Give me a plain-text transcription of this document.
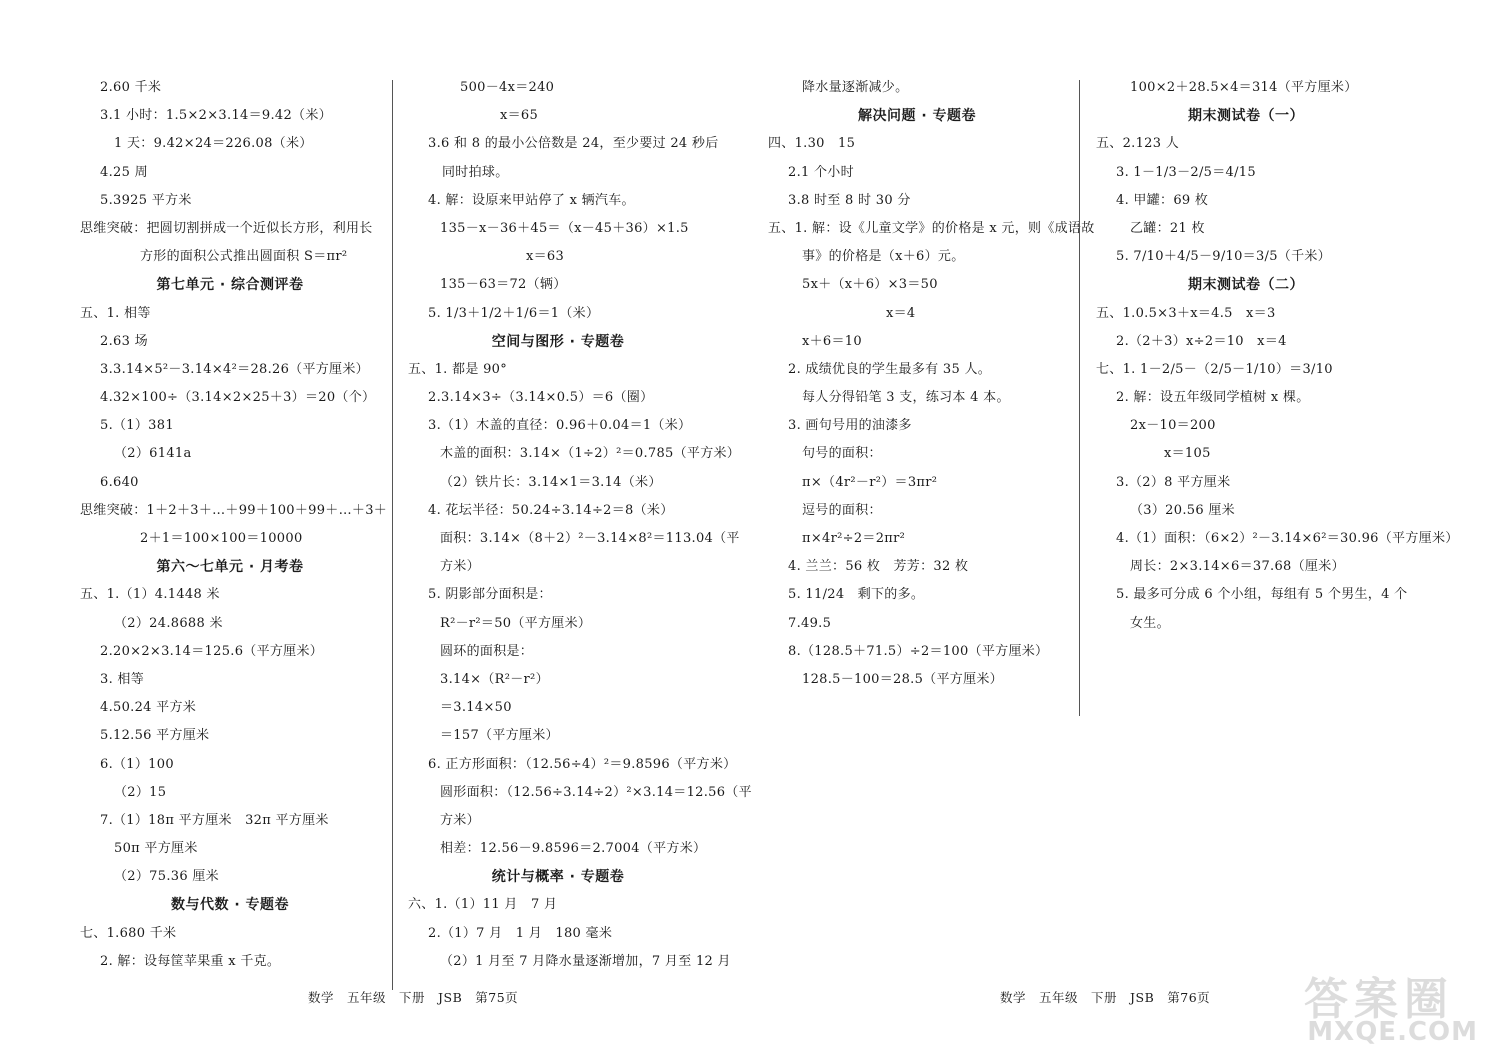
2.60 千米
3.1 小时：1.5×2×3.14＝9.42（米）
1 天：9.42×24＝226.08（米）
4.25 周
5.3925 平方米
思维突破：把圆切割拼成一个近似长方形，利用长
方形的面积公式推出圆面积 S＝πr²
第七单元 · 综合测评卷
五、1. 相等
2.63 场
3.3.14×5²－3.14×4²＝28.26（平方厘米）
4.32×100÷（3.14×2×25＋3）＝20（个）
5.（1）381
（2）6141a
6.640
思维突破：1＋2＋3＋…＋99＋100＋99＋…＋3＋
2＋1＝100×100＝10000
第六～七单元 · 月考卷
五、1.（1）4.1448 米
（2）24.8688 米
2.20×2×3.14＝125.6（平方厘米）
3. 相等
4.50.24 平方米
5.12.56 平方厘米
6.（1）100
（2）15
7.（1）18π 平方厘米　32π 平方厘米
50π 平方厘米
（2）75.36 厘米
数与代数 · 专题卷
七、1.680 千米
2. 解：设每筐苹果重 x 千克。
500－4x＝240
x＝65
3.6 和 8 的最小公倍数是 24，至少要过 24 秒后
同时拍球。
4. 解：设原来甲站停了 x 辆汽车。
135－x－36＋45＝（x－45＋36）×1.5
x＝63
135－63＝72（辆）
5. 1/3＋1/2＋1/6＝1（米）
空间与图形 · 专题卷
五、1. 都是 90°
2.3.14×3÷（3.14×0.5）＝6（圈）
3.（1）木盖的直径：0.96＋0.04＝1（米）
木盖的面积：3.14×（1÷2）²＝0.785（平方米）
（2）铁片长：3.14×1＝3.14（米）
4. 花坛半径：50.24÷3.14÷2＝8（米）
面积：3.14×（8＋2）²－3.14×8²＝113.04（平
方米）
5. 阴影部分面积是：
R²－r²＝50（平方厘米）
圆环的面积是：
3.14×（R²－r²）
＝3.14×50
＝157（平方厘米）
6. 正方形面积：（12.56÷4）²＝9.8596（平方米）
圆形面积：（12.56÷3.14÷2）²×3.14＝12.56（平
方米）
相差：12.56－9.8596＝2.7004（平方米）
统计与概率 · 专题卷
六、1.（1）11 月　7 月
2.（1）7 月　1 月　180 毫米
（2）1 月至 7 月降水量逐渐增加，7 月至 12 月
降水量逐渐减少。
解决问题 · 专题卷
四、1.30　15
2.1 个小时
3.8 时至 8 时 30 分
五、1. 解：设《儿童文学》的价格是 x 元，则《成语故
事》的价格是（x＋6）元。
5x＋（x＋6）×3＝50
x＝4
x＋6＝10
2. 成绩优良的学生最多有 35 人。
每人分得铅笔 3 支，练习本 4 本。
3. 画句号用的油漆多
句号的面积：
π×（4r²－r²）＝3πr²
逗号的面积：
π×4r²÷2＝2πr²
4. 兰兰：56 枚　芳芳：32 枚
5. 11/24　剩下的多。
7.49.5
8.（128.5＋71.5）÷2＝100（平方厘米）
128.5－100＝28.5（平方厘米）
100×2＋28.5×4＝314（平方厘米）
期末测试卷（一）
五、2.123 人
3. 1－1/3－2/5＝4/15
4. 甲罐：69 枚
乙罐：21 枚
5. 7/10＋4/5－9/10＝3/5（千米）
期末测试卷（二）
五、1.0.5×3＋x＝4.5　x＝3
2.（2＋3）x÷2＝10　x＝4
七、1. 1－2/5－（2/5－1/10）＝3/10
2. 解：设五年级同学植树 x 棵。
2x－10＝200
x＝105
3.（2）8 平方厘米
（3）20.56 厘米
4.（1）面积：（6×2）²－3.14×6²＝30.96（平方厘米）
周长：2×3.14×6＝37.68（厘米）
5. 最多可分成 6 个小组，每组有 5 个男生，4 个
女生。
数学　五年级　下册　JSB　第75页	数学　五年级　下册　JSB　第76页 答案圈
MXQE.COM
